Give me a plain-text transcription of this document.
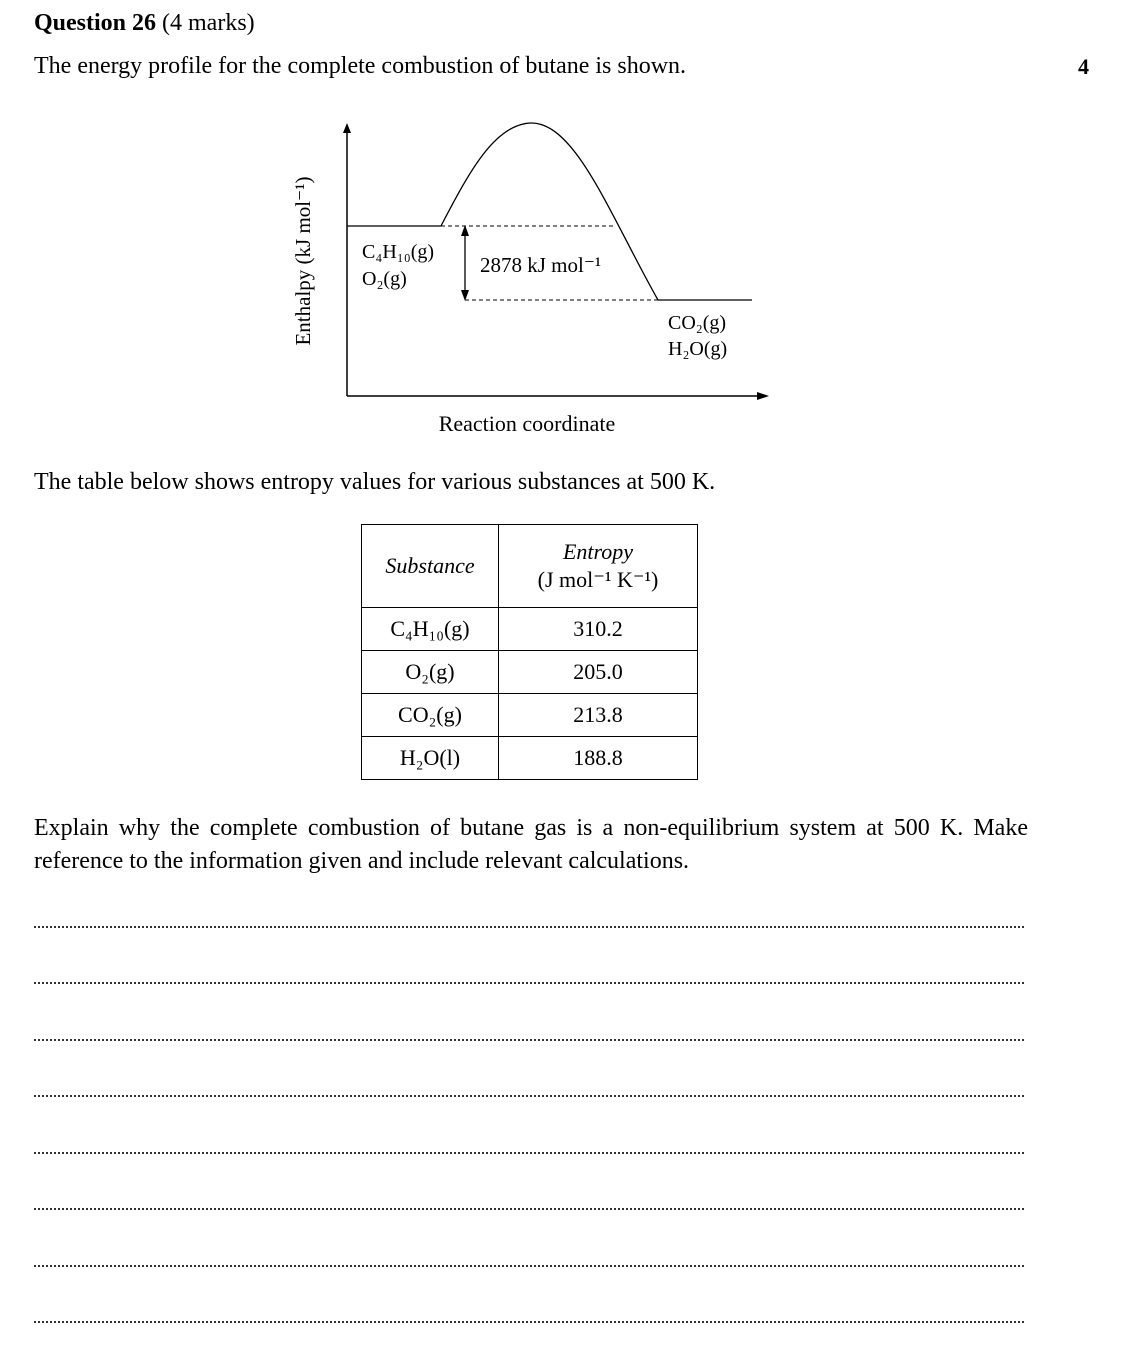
Question 26 (4 marks)
The energy profile for the complete combustion of butane is shown.	4
Enthalpy (kJ mol⁻¹) C₄H₁₀(g)
O₂(g)
2878 kJ mol⁻¹
CO₂(g)
H₂O(g)
Reaction coordinate
The table below shows entropy values for various substances at 500 K.
Substance	Entropy
(J mol⁻¹ K⁻¹)
C₄H₁₀(g)	310.2
O₂(g)	205.0
CO₂(g)	213.8
H₂O(l)	188.8
Explain why the complete combustion of butane gas is a non-equilibrium system at 500 K. Make reference to the information given and include relevant calculations.
